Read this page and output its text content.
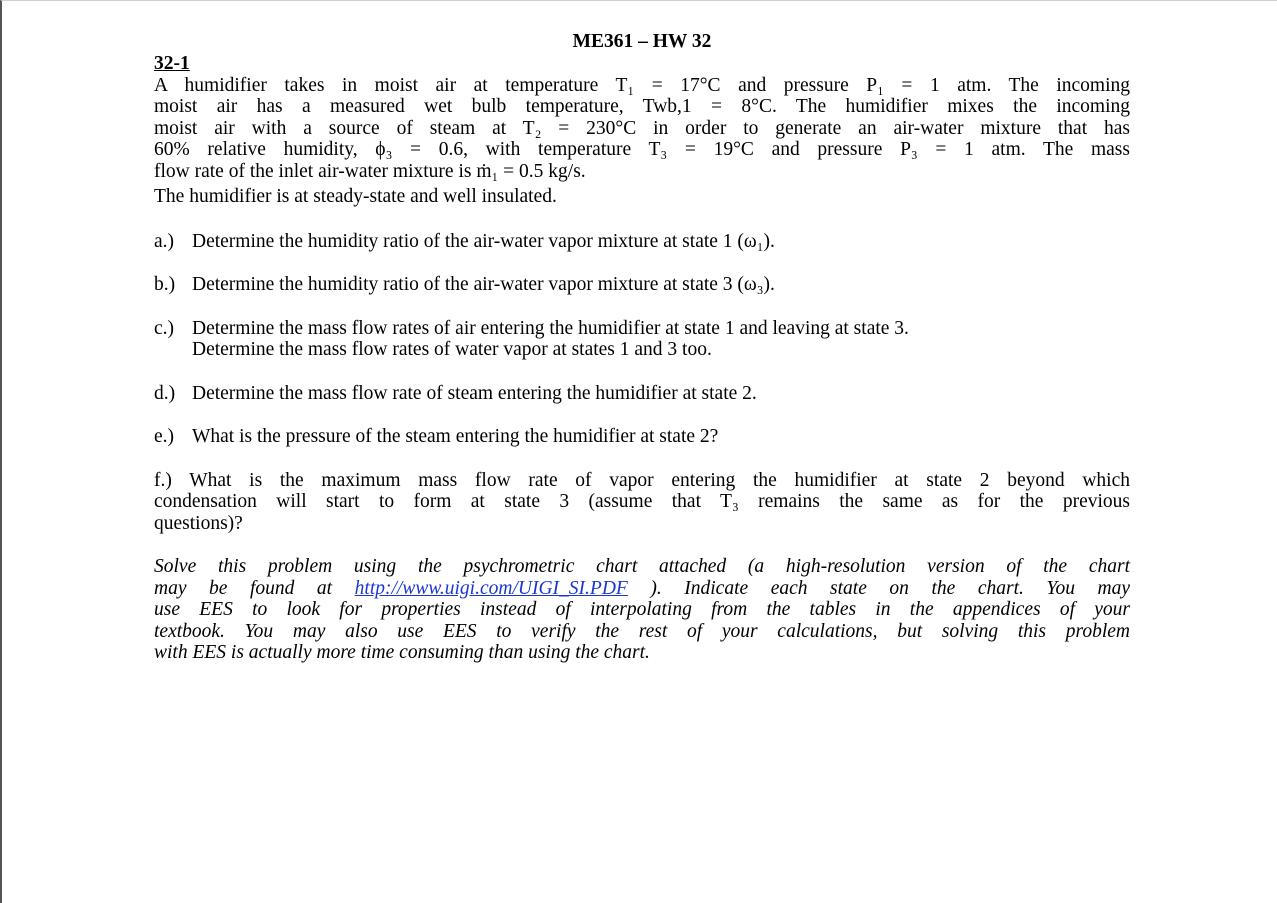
ME361 – HW 32
32-1
A humidifier takes in moist air at temperature T₁ = 17°C and pressure P₁ = 1 atm. The incoming
moist air has a measured wet bulb temperature, Twb,1 = 8°C. The humidifier mixes the incoming
moist air with a source of steam at T₂ = 230°C in order to generate an air-water mixture that has
60% relative humidity, ϕ₃ = 0.6, with temperature T₃ = 19°C and pressure P₃ = 1 atm. The mass
flow rate of the inlet air-water mixture is ṁ₁ = 0.5 kg/s.
The humidifier is at steady-state and well insulated.
a.) Determine the humidity ratio of the air-water vapor mixture at state 1 (ω₁).
b.) Determine the humidity ratio of the air-water vapor mixture at state 3 (ω₃).
c.) Determine the mass flow rates of air entering the humidifier at state 1 and leaving at state 3.
Determine the mass flow rates of water vapor at states 1 and 3 too.
d.) Determine the mass flow rate of steam entering the humidifier at state 2.
e.) What is the pressure of the steam entering the humidifier at state 2?
f.) What is the maximum mass flow rate of vapor entering the humidifier at state 2 beyond which
condensation will start to form at state 3 (assume that T₃ remains the same as for the previous
questions)?
Solve this problem using the psychrometric chart attached (a high-resolution version of the chart
may be found at http://www.uigi.com/UIGI_SI.PDF ). Indicate each state on the chart. You may
use EES to look for properties instead of interpolating from the tables in the appendices of your
textbook. You may also use EES to verify the rest of your calculations, but solving this problem
with EES is actually more time consuming than using the chart.
